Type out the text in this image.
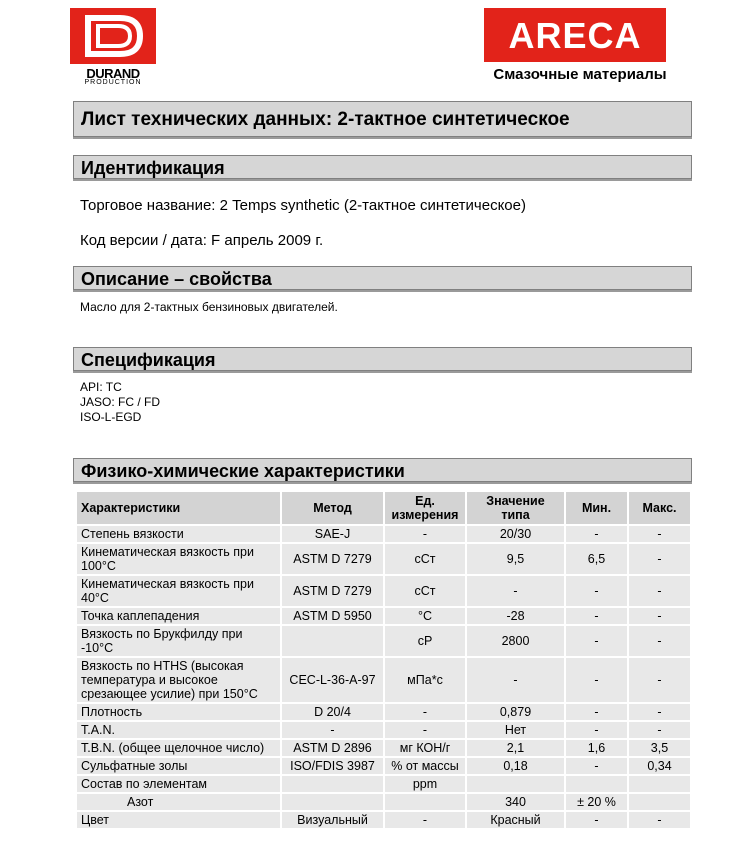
DURAND
PRODUCTION
ARECA
Смазочные материалы
Лист технических данных: 2-тактное синтетическое
Идентификация
Торговое название: 2 Temps synthetic (2-тактное синтетическое)
Код версии / дата: F апрель 2009 г.
Описание – свойства
Масло для 2-тактных бензиновых двигателей.
Спецификация
API: TC
JASO: FC / FD
ISO-L-EGD
Физико-химические характеристики
Характеристики	Метод	Ед. измерения	Значение типа	Мин.	Макс.
Степень вязкости	SAE-J	-	20/30	-	-
Кинематическая вязкость при 100°C	ASTM D 7279	сСт	9,5	6,5	-
Кинематическая вязкость при 40°C	ASTM D 7279	сСт	-	-	-
Точка каплепадения	ASTM D 5950	°C	-28	-	-
Вязкость по Брукфилду при -10°C		cP	2800	-	-
Вязкость по HTHS (высокая температура и высокое срезающее усилие) при 150°C	CEC-L-36-A-97	мПа*с	-	-	-
Плотность	D 20/4	-	0,879	-	-
T.A.N.	-	-	Нет	-	-
T.B.N. (общее щелочное число)	ASTM D 2896	мг КОН/г	2,1	1,6	3,5
Сульфатные золы	ISO/FDIS 3987	% от массы	0,18	-	0,34
Состав по элементам		ppm			
Азот			340	± 20 %	
Цвет	Визуальный	-	Красный	-	-
